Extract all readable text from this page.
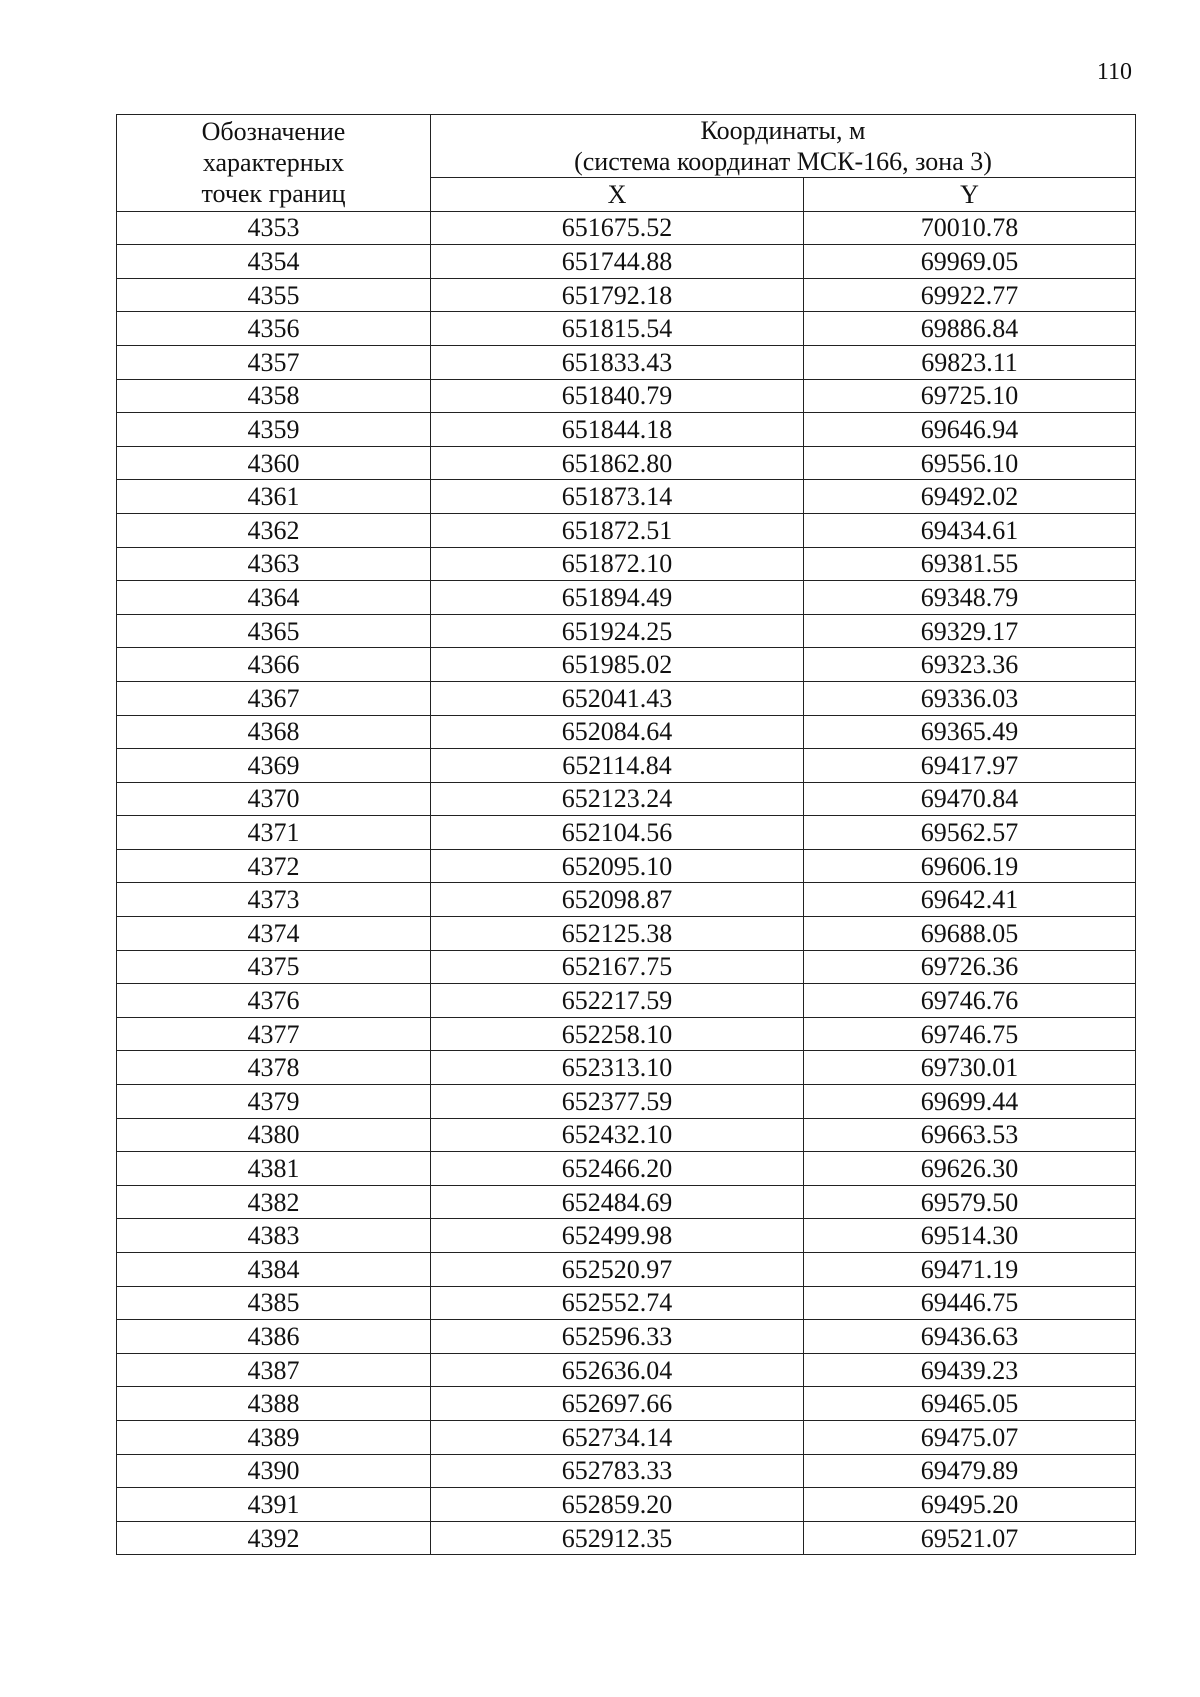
110
Обозначение
характерных
точек границ	Координаты, м
(система координат МСК-166, зона 3)	
	X	Y
4353	651675.52	70010.78
4354	651744.88	69969.05
4355	651792.18	69922.77
4356	651815.54	69886.84
4357	651833.43	69823.11
4358	651840.79	69725.10
4359	651844.18	69646.94
4360	651862.80	69556.10
4361	651873.14	69492.02
4362	651872.51	69434.61
4363	651872.10	69381.55
4364	651894.49	69348.79
4365	651924.25	69329.17
4366	651985.02	69323.36
4367	652041.43	69336.03
4368	652084.64	69365.49
4369	652114.84	69417.97
4370	652123.24	69470.84
4371	652104.56	69562.57
4372	652095.10	69606.19
4373	652098.87	69642.41
4374	652125.38	69688.05
4375	652167.75	69726.36
4376	652217.59	69746.76
4377	652258.10	69746.75
4378	652313.10	69730.01
4379	652377.59	69699.44
4380	652432.10	69663.53
4381	652466.20	69626.30
4382	652484.69	69579.50
4383	652499.98	69514.30
4384	652520.97	69471.19
4385	652552.74	69446.75
4386	652596.33	69436.63
4387	652636.04	69439.23
4388	652697.66	69465.05
4389	652734.14	69475.07
4390	652783.33	69479.89
4391	652859.20	69495.20
4392	652912.35	69521.07
